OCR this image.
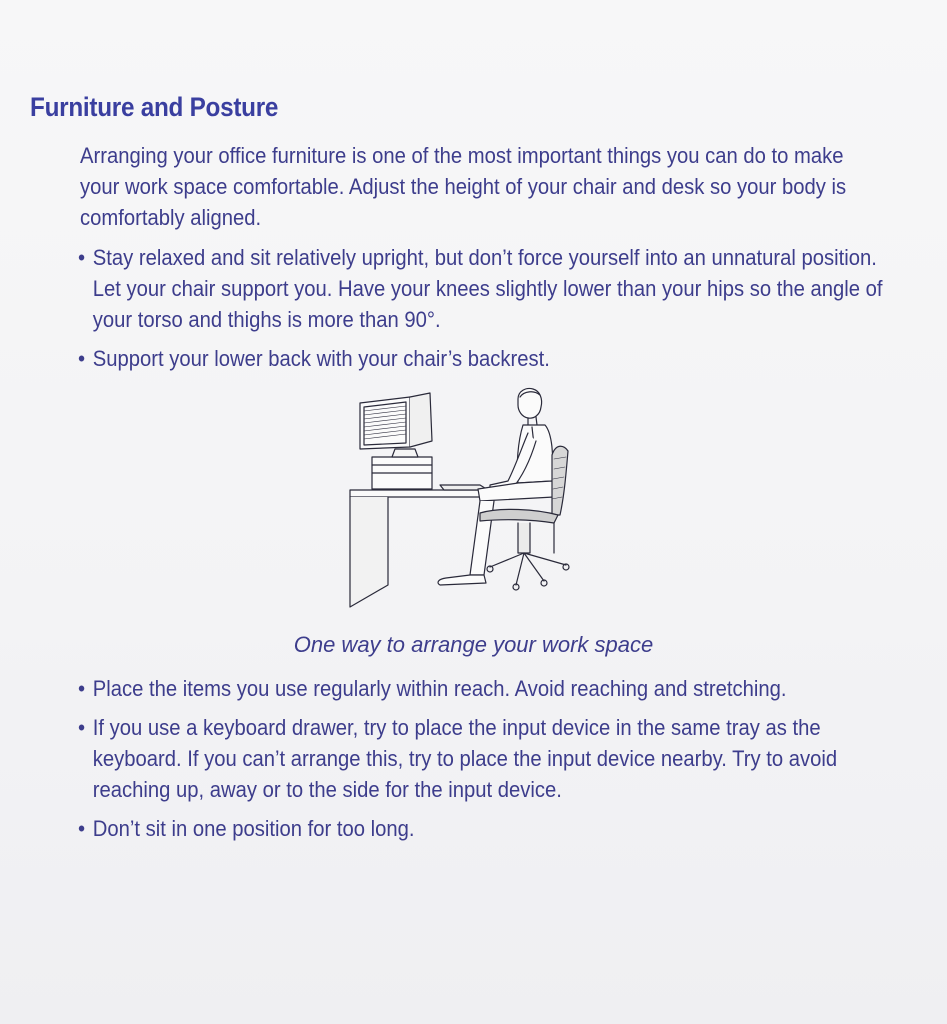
Furniture and Posture
Arranging your office furniture is one of the most important things you can do to make your work space comfortable. Adjust the height of your chair and desk so your body is comfortably aligned.
• Stay relaxed and sit relatively upright, but don’t force yourself into an unnatural position. Let your chair support you. Have your knees slightly lower than your hips so the angle of your torso and thighs is more than 90°.
• Support your lower back with your chair’s backrest.
One way to arrange your work space
• Place the items you use regularly within reach. Avoid reaching and stretching.
• If you use a keyboard drawer, try to place the input device in the same tray as the keyboard. If you can’t arrange this, try to place the input device nearby. Try to avoid reaching up, away or to the side for the input device.
• Don’t sit in one position for too long.
